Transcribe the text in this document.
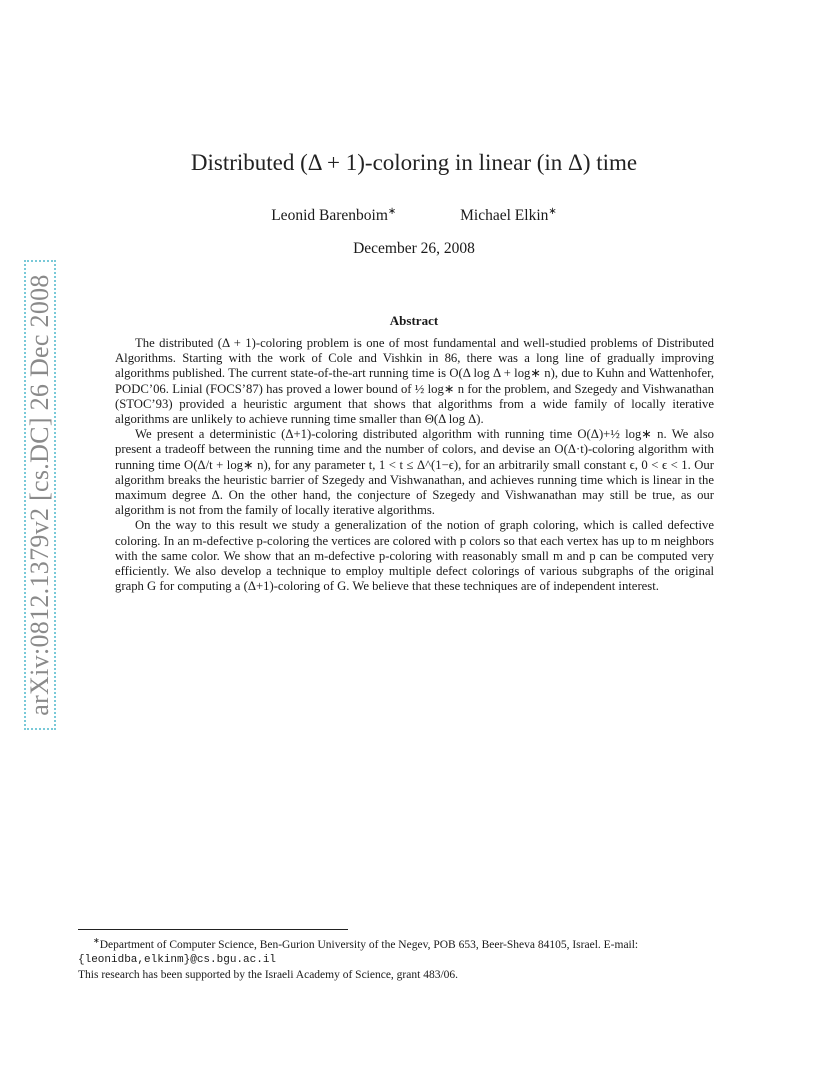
arXiv:0812.1379v2 [cs.DC] 26 Dec 2008
Distributed (Δ + 1)-coloring in linear (in Δ) time
Leonid Barenboim∗	Michael Elkin∗
December 26, 2008
Abstract

The distributed (Δ + 1)-coloring problem is one of most fundamental and well-studied problems of Distributed Algorithms. Starting with the work of Cole and Vishkin in 86, there was a long line of gradually improving algorithms published. The current state-of-the-art running time is O(Δ log Δ + log∗ n), due to Kuhn and Wattenhofer, PODC’06. Linial (FOCS’87) has proved a lower bound of ½ log∗ n for the problem, and Szegedy and Vishwanathan (STOC’93) provided a heuristic argument that shows that algorithms from a wide family of locally iterative algorithms are unlikely to achieve running time smaller than Θ(Δ log Δ).

We present a deterministic (Δ+1)-coloring distributed algorithm with running time O(Δ)+½ log∗ n. We also present a tradeoff between the running time and the number of colors, and devise an O(Δ·t)-coloring algorithm with running time O(Δ/t + log∗ n), for any parameter t, 1 < t ≤ Δ^(1−ϵ), for an arbitrarily small constant ϵ, 0 < ϵ < 1. Our algorithm breaks the heuristic barrier of Szegedy and Vishwanathan, and achieves running time which is linear in the maximum degree Δ. On the other hand, the conjecture of Szegedy and Vishwanathan may still be true, as our algorithm is not from the family of locally iterative algorithms.

On the way to this result we study a generalization of the notion of graph coloring, which is called defective coloring. In an m-defective p-coloring the vertices are colored with p colors so that each vertex has up to m neighbors with the same color. We show that an m-defective p-coloring with reasonably small m and p can be computed very efficiently. We also develop a technique to employ multiple defect colorings of various subgraphs of the original graph G for computing a (Δ+1)-coloring of G. We believe that these techniques are of independent interest.

∗Department of Computer Science, Ben-Gurion University of the Negev, POB 653, Beer-Sheva 84105, Israel. E-mail:
{leonidba,elkinm}@cs.bgu.ac.il

This research has been supported by the Israeli Academy of Science, grant 483/06.
